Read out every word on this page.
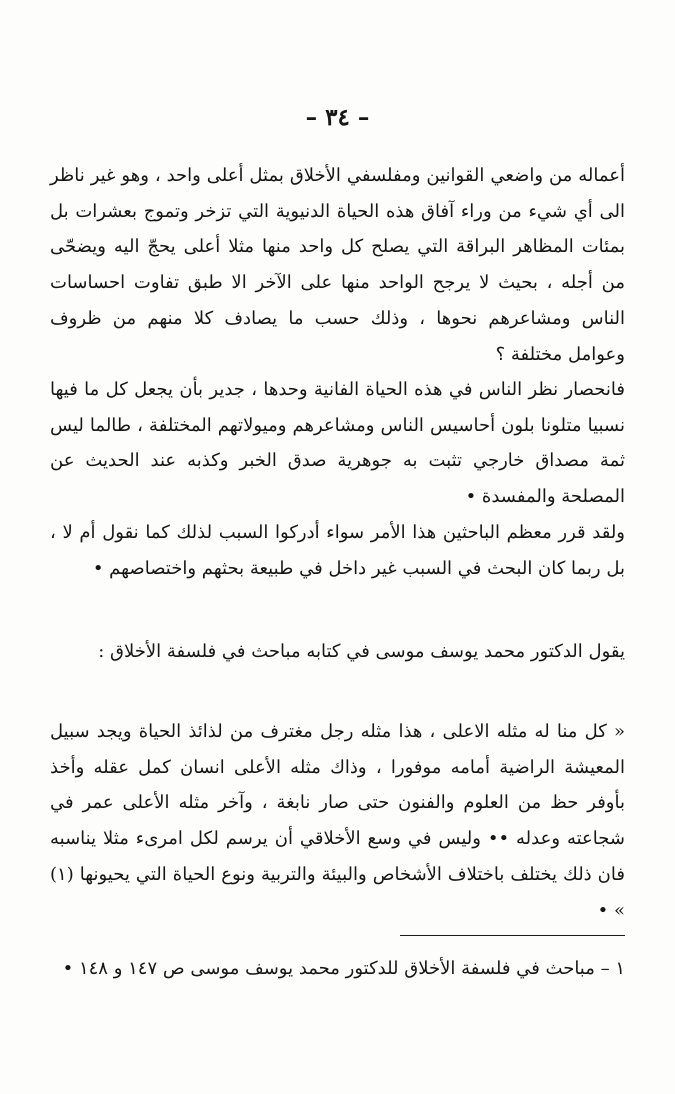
– ٣٤ –

أعماله من واضعي القوانين ومفلسفي الأخلاق بمثل أعلى واحد ، وهو غير ناظر الى أي شيء من وراء آفاق هذه الحياة الدنيوية التي تزخر وتموج بعشرات بل بمئات المظاهر البراقة التي يصلح كل واحد منها مثلا أعلى يحجّ اليه ويضحّى من أجله ، بحيث لا يرجح الواحد منها على الآخر الا طبق تفاوت احساسات الناس ومشاعرهم نحوها ، وذلك حسب ما يصادف كلا منهم من ظروف وعوامل مختلفة ؟

فانحصار نظر الناس في هذه الحياة الفانية وحدها ، جدير بأن يجعل كل ما فيها نسبيا متلونا بلون أحاسيس الناس ومشاعرهم وميولاتهم المختلفة ، طالما ليس ثمة مصداق خارجي تثبت به جوهرية صدق الخبر وكذبه عند الحديث عن المصلحة والمفسدة •

ولقد قرر معظم الباحثين هذا الأمر سواء أدركوا السبب لذلك كما نقول أم لا ، بل ربما كان البحث في السبب غير داخل في طبيعة بحثهم واختصاصهم •

يقول الدكتور محمد يوسف موسى في كتابه مباحث في فلسفة الأخلاق :

« كل منا له مثله الاعلى ، هذا مثله رجل مغترف من لذائذ الحياة ويجد سبيل المعيشة الراضية أمامه موفورا ، وذاك مثله الأعلى انسان كمل عقله وأخذ بأوفر حظ من العلوم والفنون حتى صار نابغة ، وآخر مثله الأعلى عمر في شجاعته وعدله •• وليس في وسع الأخلاقي أن يرسم لكل امرىء مثلا يناسبه فان ذلك يختلف باختلاف الأشخاص والبيئة والتربية ونوع الحياة التي يحيونها (١) » •

١ – مباحث في فلسفة الأخلاق للدكتور محمد يوسف موسى ص ١٤٧ و ١٤٨ •
